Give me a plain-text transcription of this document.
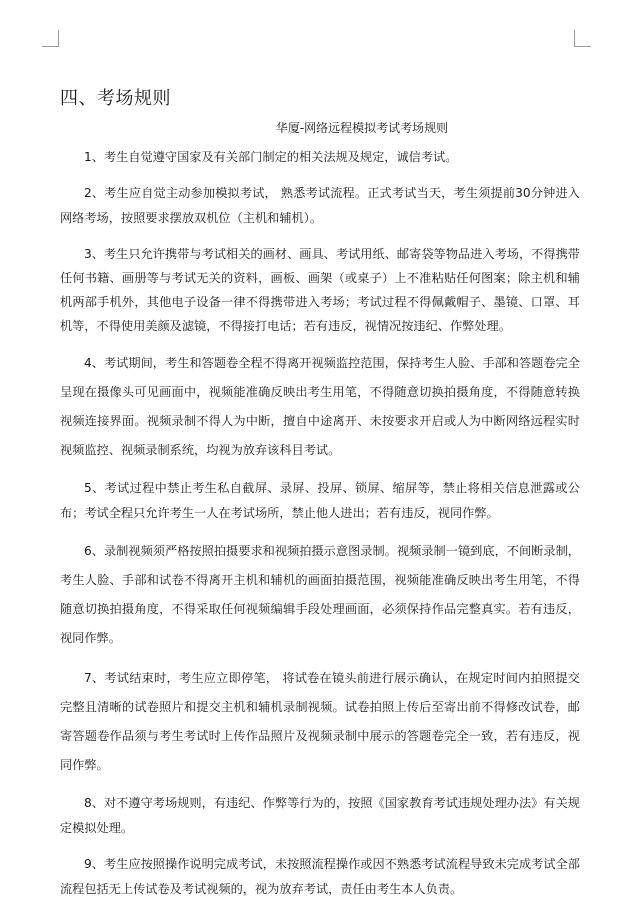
四、考场规则

华厦-网络远程模拟考试考场规则

1、考生自觉遵守国家及有关部门制定的相关法规及规定，诚信考试。

2、考生应自觉主动参加模拟考试， 熟悉考试流程。正式考试当天，考生须提前30分钟进入网络考场，按照要求摆放双机位（主机和辅机）。

3、考生只允许携带与考试相关的画材、画具、考试用纸、邮寄袋等物品进入考场，不得携带任何书籍、画册等与考试无关的资料，画板、画架（或桌子）上不准粘贴任何图案；除主机和辅机两部手机外，其他电子设备一律不得携带进入考场；考试过程不得佩戴帽子、墨镜、口罩、耳机等，不得使用美颜及滤镜，不得接打电话；若有违反，视情况按违纪、作弊处理。

4、考试期间，考生和答题卷全程不得离开视频监控范围，保持考生人脸、手部和答题卷完全 呈现在摄像头可见画面中，视频能准确反映出考生用笔，不得随意切换拍摄角度，不得随意转换视频连接界面。视频录制不得人为中断，擅自中途离开、未按要求开启或人为中断网络远程实时视频监控、视频录制系统，均视为放弃该科目考试。

5、考试过程中禁止考生私自截屏、录屏、投屏、锁屏、缩屏等，禁止将相关信息泄露或公布；考试全程只允许考生一人在考试场所，禁止他人进出；若有违反，视同作弊。

6、录制视频须严格按照拍摄要求和视频拍摄示意图录制。视频录制一镜到底，不间断录制，考生人脸、手部和试卷不得离开主机和辅机的画面拍摄范围，视频能准确反映出考生用笔，不得随意切换拍摄角度，不得采取任何视频编辑手段处理画面，必须保持作品完整真实。若有违反，视同作弊。

7、考试结束时，考生应立即停笔， 将试卷在镜头前进行展示确认，在规定时间内拍照提交完整且清晰的试卷照片和提交主机和辅机录制视频。试卷拍照上传后至寄出前不得修改试卷，邮寄答题卷作品须与考生考试时上传作品照片及视频录制中展示的答题卷完全一致，若有违反，视同作弊。

8、对不遵守考场规则，有违纪、作弊等行为的，按照《国家教育考试违规处理办法》有关规定模拟处理。

9、考生应按照操作说明完成考试，未按照流程操作或因不熟悉考试流程导致未完成考试全部流程包括无上传试卷及考试视频的，视为放弃考试，责任由考生本人负责。
